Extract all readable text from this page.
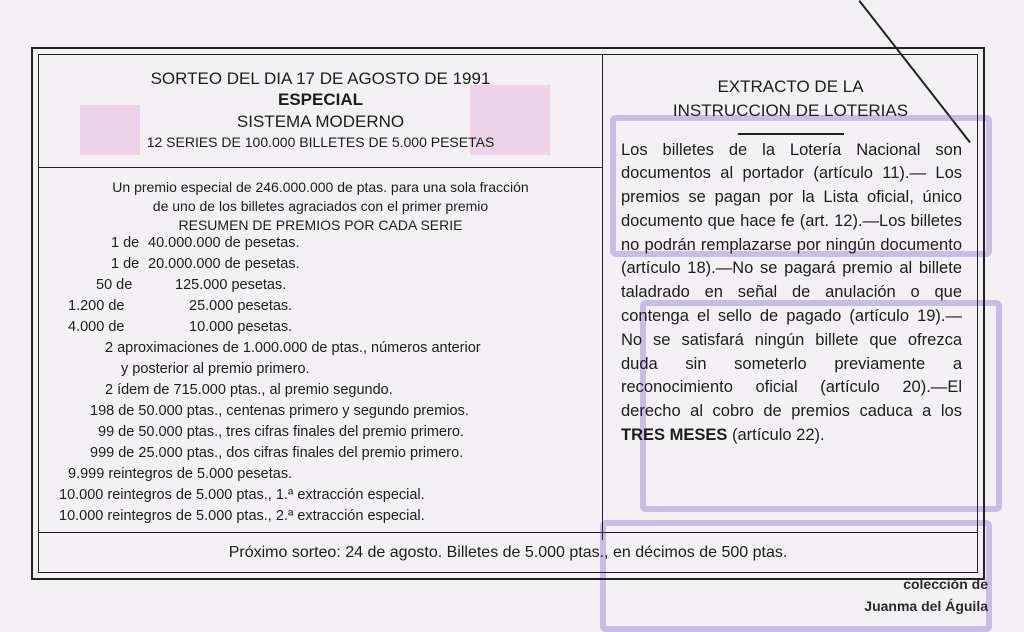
SORTEO DEL DIA 17 DE AGOSTO DE 1991
ESPECIAL
SISTEMA MODERNO
12 SERIES DE 100.000 BILLETES DE 5.000 PESETAS
Un premio especial de 246.000.000 de ptas. para una sola fracción
de uno de los billetes agraciados con el primer premio
RESUMEN DE PREMIOS POR CADA SERIE
1 de 40.000.000 de pesetas.
1 de 20.000.000 de pesetas.
50 de	125.000 pesetas.
1.200 de	25.000 pesetas.
4.000 de	10.000 pesetas.
2 aproximaciones de 1.000.000 de ptas., números anterior
y posterior al premio primero.
2 ídem de 715.000 ptas., al premio segundo.
198 de 50.000 ptas., centenas primero y segundo premios.
99 de 50.000 ptas., tres cifras finales del premio primero.
999 de 25.000 ptas., dos cifras finales del premio primero.
9.999 reintegros de 5.000 pesetas.
10.000 reintegros de 5.000 ptas., 1.ª extracción especial.
10.000 reintegros de 5.000 ptas., 2.ª extracción especial.
EXTRACTO DE LA
INSTRUCCION DE LOTERIAS
Los billetes de la Lotería Nacional son documentos al portador (artículo 11).— Los premios se pagan por la Lista oficial, único documento que hace fe (art. 12).—Los billetes no podrán remplazarse por ningún documento (artículo 18).—No se pagará premio al billete taladrado en señal de anulación o que contenga el sello de pagado (artículo 19).—No se satisfará ningún billete que ofrezca duda sin someterlo previamente a reconocimiento oficial (artículo 20).—El derecho al cobro de premios caduca a los TRES MESES (artículo 22).
Próximo sorteo: 24 de agosto. Billetes de 5.000 ptas., en décimos de 500 ptas.
colección de
Juanma del Águila
